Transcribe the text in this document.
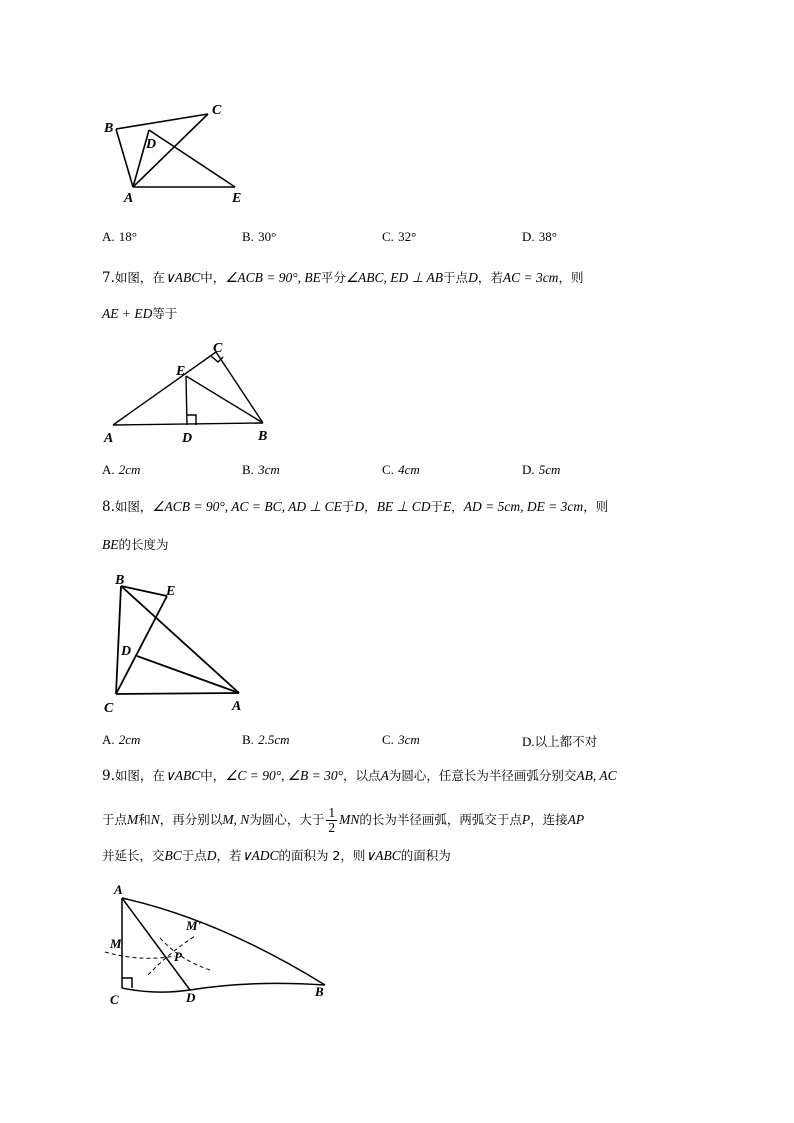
B
C
D
A	E
A. 18°	B. 30°	C. 32°	D. 38°
7.如图，在∨ABC中，∠ACB = 90°, BE平分∠ABC, ED ⊥ AB于点D，若AC = 3cm，则
AE + ED等于
C
E
A	D	B
A. 2cm	B. 3cm	C. 4cm	D. 5cm
8.如图，∠ACB = 90°, AC = BC, AD ⊥ CE于D，BE ⊥ CD于E，AD = 5cm, DE = 3cm，则
BE的长度为
B
E
D
C	A
A. 2cm	B. 2.5cm	C. 3cm	D.以上都不对
9.如图，在∨ABC中，∠C = 90°, ∠B = 30°，以点A为圆心，任意长为半径画弧分别交AB, AC
于点M和N，再分别以M, N为圆心，大于 $\frac{1}{2}$ MN的长为半径画弧，两弧交于点P，连接AP
并延长，交BC于点D，若∨ADC的面积为 2，则∨ABC的面积为
A
M'
M
P
C	D	B
